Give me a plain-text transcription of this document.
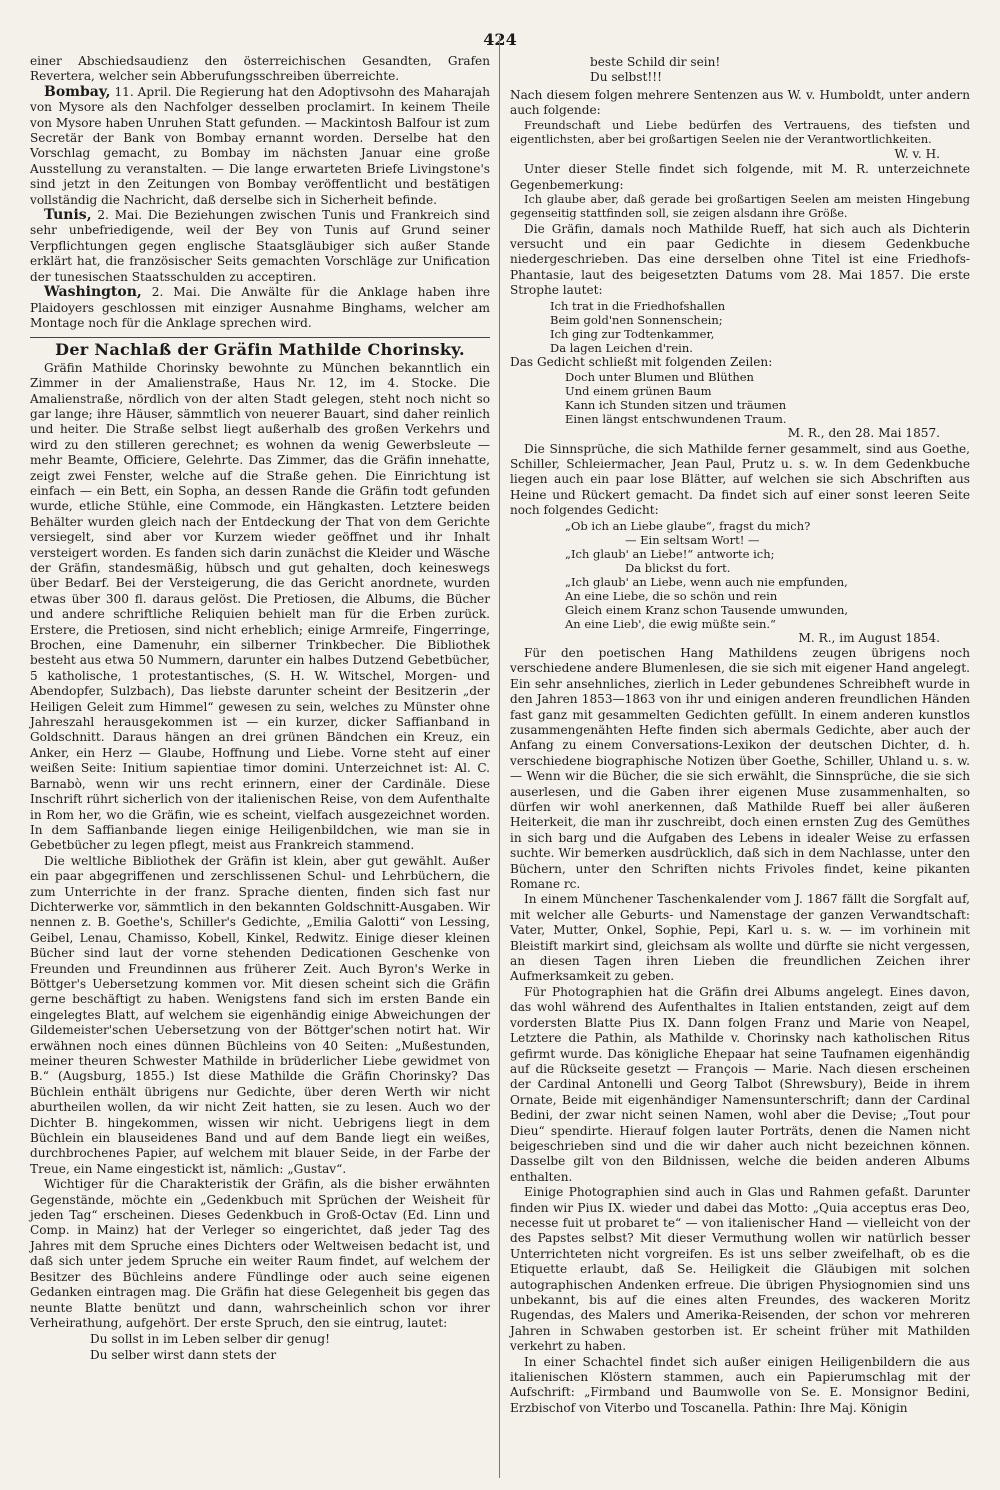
424

einer Abschiedsaudienz den österreichischen Gesandten, Grafen Revertera, welcher sein Abberufungsschreiben überreichte.

Bombay, 11. April. Die Regierung hat den Adoptivsohn des Maharajah von Mysore als den Nachfolger desselben proclamirt. In keinem Theile von Mysore haben Unruhen Statt gefunden. — Mackintosh Balfour ist zum Secretär der Bank von Bombay ernannt worden. Derselbe hat den Vorschlag gemacht, zu Bombay im nächsten Januar eine große Ausstellung zu veranstalten. — Die lange erwarteten Briefe Livingstone's sind jetzt in den Zeitungen von Bombay veröffentlicht und bestätigen vollständig die Nachricht, daß derselbe sich in Sicherheit befinde.

Tunis, 2. Mai. Die Beziehungen zwischen Tunis und Frankreich sind sehr unbefriedigende, weil der Bey von Tunis auf Grund seiner Verpflichtungen gegen englische Staatsgläubiger sich außer Stande erklärt hat, die französischer Seits gemachten Vorschläge zur Unification der tunesischen Staatsschulden zu acceptiren.

Washington, 2. Mai. Die Anwälte für die Anklage haben ihre Plaidoyers geschlossen mit einziger Ausnahme Binghams, welcher am Montage noch für die Anklage sprechen wird.

Der Nachlaß der Gräfin Mathilde Chorinsky.

Gräfin Mathilde Chorinsky bewohnte zu München bekanntlich ein Zimmer in der Amalienstraße, Haus Nr. 12, im 4. Stocke. Die Amalienstraße, nördlich von der alten Stadt gelegen, steht noch nicht so gar lange; ihre Häuser, sämmtlich von neuerer Bauart, sind daher reinlich und heiter. Die Straße selbst liegt außerhalb des großen Verkehrs und wird zu den stilleren gerechnet; es wohnen da wenig Gewerbsleute — mehr Beamte, Officiere, Gelehrte. Das Zimmer, das die Gräfin innehatte, zeigt zwei Fenster, welche auf die Straße gehen. Die Einrichtung ist einfach — ein Bett, ein Sopha, an dessen Rande die Gräfin todt gefunden wurde, etliche Stühle, eine Commode, ein Hängkasten. Letztere beiden Behälter wurden gleich nach der Entdeckung der That von dem Gerichte versiegelt, sind aber vor Kurzem wieder geöffnet und ihr Inhalt versteigert worden. Es fanden sich darin zunächst die Kleider und Wäsche der Gräfin, standesmäßig, hübsch und gut gehalten, doch keineswegs über Bedarf. Bei der Versteigerung, die das Gericht anordnete, wurden etwas über 300 fl. daraus gelöst. Die Pretiosen, die Albums, die Bücher und andere schriftliche Reliquien behielt man für die Erben zurück. Erstere, die Pretiosen, sind nicht erheblich; einige Armreife, Fingerringe, Brochen, eine Damenuhr, ein silberner Trinkbecher. Die Bibliothek besteht aus etwa 50 Nummern, darunter ein halbes Dutzend Gebetbücher, 5 katholische, 1 protestantisches, (S. H. W. Witschel, Morgen- und Abendopfer, Sulzbach), Das liebste darunter scheint der Besitzerin „der Heiligen Geleit zum Himmel“ gewesen zu sein, welches zu Münster ohne Jahreszahl herausgekommen ist — ein kurzer, dicker Saffianband in Goldschnitt. Daraus hängen an drei grünen Bändchen ein Kreuz, ein Anker, ein Herz — Glaube, Hoffnung und Liebe. Vorne steht auf einer weißen Seite: Initium sapientiae timor domini. Unterzeichnet ist: Al. C. Barnabò, wenn wir uns recht erinnern, einer der Cardinäle. Diese Inschrift rührt sicherlich von der italienischen Reise, von dem Aufenthalte in Rom her, wo die Gräfin, wie es scheint, vielfach ausgezeichnet worden. In dem Saffianbande liegen einige Heiligenbildchen, wie man sie in Gebetbücher zu legen pflegt, meist aus Frankreich stammend.

Die weltliche Bibliothek der Gräfin ist klein, aber gut gewählt. Außer ein paar abgegriffenen und zerschlissenen Schul- und Lehrbüchern, die zum Unterrichte in der franz. Sprache dienten, finden sich fast nur Dichterwerke vor, sämmtlich in den bekannten Goldschnitt-Ausgaben. Wir nennen z. B. Goethe's, Schiller's Gedichte, „Emilia Galotti“ von Lessing, Geibel, Lenau, Chamisso, Kobell, Kinkel, Redwitz. Einige dieser kleinen Bücher sind laut der vorne stehenden Dedicationen Geschenke von Freunden und Freundinnen aus früherer Zeit. Auch Byron's Werke in Böttger's Uebersetzung kommen vor. Mit diesen scheint sich die Gräfin gerne beschäftigt zu haben. Wenigstens fand sich im ersten Bande ein eingelegtes Blatt, auf welchem sie eigenhändig einige Abweichungen der Gildemeister'schen Uebersetzung von der Böttger'schen notirt hat. Wir erwähnen noch eines dünnen Büchleins von 40 Seiten: „Mußestunden, meiner theuren Schwester Mathilde in brüderlicher Liebe gewidmet von B.“ (Augsburg, 1855.) Ist diese Mathilde die Gräfin Chorinsky? Das Büchlein enthält übrigens nur Gedichte, über deren Werth wir nicht aburtheilen wollen, da wir nicht Zeit hatten, sie zu lesen. Auch wo der Dichter B. hingekommen, wissen wir nicht. Uebrigens liegt in dem Büchlein ein blauseidenes Band und auf dem Bande liegt ein weißes, durchbrochenes Papier, auf welchem mit blauer Seide, in der Farbe der Treue, ein Name eingestickt ist, nämlich: „Gustav“.

Wichtiger für die Charakteristik der Gräfin, als die bisher erwähnten Gegenstände, möchte ein „Gedenkbuch mit Sprüchen der Weisheit für jeden Tag“ erscheinen. Dieses Gedenkbuch in Groß-Octav (Ed. Linn und Comp. in Mainz) hat der Verleger so eingerichtet, daß jeder Tag des Jahres mit dem Spruche eines Dichters oder Weltweisen bedacht ist, und daß sich unter jedem Spruche ein weiter Raum findet, auf welchem der Besitzer des Büchleins andere Fündlinge oder auch seine eigenen Gedanken eintragen mag. Die Gräfin hat diese Gelegenheit bis gegen das neunte Blatte benützt und dann, wahrscheinlich schon vor ihrer Verheirathung, aufgehört. Der erste Spruch, den sie eintrug, lautet:

Du sollst in im Leben selber dir genug!
Du selber wirst dann stets der
beste Schild dir sein!
Du selbst!!!

Nach diesem folgen mehrere Sentenzen aus W. v. Humboldt, unter andern auch folgende:

Freundschaft und Liebe bedürfen des Vertrauens, des tiefsten und eigentlichsten, aber bei großartigen Seelen nie der Verantwortlichkeiten.

W. v. H.

Unter dieser Stelle findet sich folgende, mit M. R. unterzeichnete Gegenbemerkung:

Ich glaube aber, daß gerade bei großartigen Seelen am meisten Hingebung gegenseitig stattfinden soll, sie zeigen alsdann ihre Größe.

Die Gräfin, damals noch Mathilde Rueff, hat sich auch als Dichterin versucht und ein paar Gedichte in diesem Gedenkbuche niedergeschrieben. Das eine derselben ohne Titel ist eine Friedhofs-Phantasie, laut des beigesetzten Datums vom 28. Mai 1857. Die erste Strophe lautet:

Ich trat in die Friedhofshallen
Beim gold'nen Sonnenschein;
Ich ging zur Todtenkammer,
Da lagen Leichen d'rein.

Das Gedicht schließt mit folgenden Zeilen:

Doch unter Blumen und Blüthen
Und einem grünen Baum
Kann ich Stunden sitzen und träumen
Einen längst entschwundenen Traum.

M. R., den 28. Mai 1857.

Die Sinnsprüche, die sich Mathilde ferner gesammelt, sind aus Goethe, Schiller, Schleiermacher, Jean Paul, Prutz u. s. w. In dem Gedenkbuche liegen auch ein paar lose Blätter, auf welchen sie sich Abschriften aus Heine und Rückert gemacht. Da findet sich auf einer sonst leeren Seite noch folgendes Gedicht:

„Ob ich an Liebe glaube“, fragst du mich?
— Ein seltsam Wort! —
„Ich glaub' an Liebe!“ antworte ich;
Da blickst du fort.
„Ich glaub' an Liebe, wenn auch nie empfunden,
An eine Liebe, die so schön und rein
Gleich einem Kranz schon Tausende umwunden,
An eine Lieb', die ewig müßte sein.“

M. R., im August 1854.

Für den poetischen Hang Mathildens zeugen übrigens noch verschiedene andere Blumenlesen, die sie sich mit eigener Hand angelegt. Ein sehr ansehnliches, zierlich in Leder gebundenes Schreibheft wurde in den Jahren 1853—1863 von ihr und einigen anderen freundlichen Händen fast ganz mit gesammelten Gedichten gefüllt. In einem anderen kunstlos zusammengenähten Hefte finden sich abermals Gedichte, aber auch der Anfang zu einem Conversations-Lexikon der deutschen Dichter, d. h. verschiedene biographische Notizen über Goethe, Schiller, Uhland u. s. w. — Wenn wir die Bücher, die sie sich erwählt, die Sinnsprüche, die sie sich auserlesen, und die Gaben ihrer eigenen Muse zusammenhalten, so dürfen wir wohl anerkennen, daß Mathilde Rueff bei aller äußeren Heiterkeit, die man ihr zuschreibt, doch einen ernsten Zug des Gemüthes in sich barg und die Aufgaben des Lebens in idealer Weise zu erfassen suchte. Wir bemerken ausdrücklich, daß sich in dem Nachlasse, unter den Büchern, unter den Schriften nichts Frivoles findet, keine pikanten Romane rc.

In einem Münchener Taschenkalender vom J. 1867 fällt die Sorgfalt auf, mit welcher alle Geburts- und Namenstage der ganzen Verwandtschaft: Vater, Mutter, Onkel, Sophie, Pepi, Karl u. s. w. — im vorhinein mit Bleistift markirt sind, gleichsam als wollte und dürfte sie nicht vergessen, an diesen Tagen ihren Lieben die freundlichen Zeichen ihrer Aufmerksamkeit zu geben.

Für Photographien hat die Gräfin drei Albums angelegt. Eines davon, das wohl während des Aufenthaltes in Italien entstanden, zeigt auf dem vordersten Blatte Pius IX. Dann folgen Franz und Marie von Neapel, Letztere die Pathin, als Mathilde v. Chorinsky nach katholischen Ritus gefirmt wurde. Das königliche Ehepaar hat seine Taufnamen eigenhändig auf die Rückseite gesetzt — François — Marie. Nach diesen erscheinen der Cardinal Antonelli und Georg Talbot (Shrewsbury), Beide in ihrem Ornate, Beide mit eigenhändiger Namensunterschrift; dann der Cardinal Bedini, der zwar nicht seinen Namen, wohl aber die Devise; „Tout pour Dieu“ spendirte. Hierauf folgen lauter Porträts, denen die Namen nicht beigeschrieben sind und die wir daher auch nicht bezeichnen können. Dasselbe gilt von den Bildnissen, welche die beiden anderen Albums enthalten.

Einige Photographien sind auch in Glas und Rahmen gefaßt. Darunter finden wir Pius IX. wieder und dabei das Motto: „Quia acceptus eras Deo, necesse fuit ut probaret te“ — von italienischer Hand — vielleicht von der des Papstes selbst? Mit dieser Vermuthung wollen wir natürlich besser Unterrichteten nicht vorgreifen. Es ist uns selber zweifelhaft, ob es die Etiquette erlaubt, daß Se. Heiligkeit die Gläubigen mit solchen autographischen Andenken erfreue. Die übrigen Physiognomien sind uns unbekannt, bis auf die eines alten Freundes, des wackeren Moritz Rugendas, des Malers und Amerika-Reisenden, der schon vor mehreren Jahren in Schwaben gestorben ist. Er scheint früher mit Mathilden verkehrt zu haben.

In einer Schachtel findet sich außer einigen Heiligenbildern die aus italienischen Klöstern stammen, auch ein Papierumschlag mit der Aufschrift: „Firmband und Baumwolle von Se. E. Monsignor Bedini, Erzbischof von Viterbo und Toscanella. Pathin: Ihre Maj. Königin
